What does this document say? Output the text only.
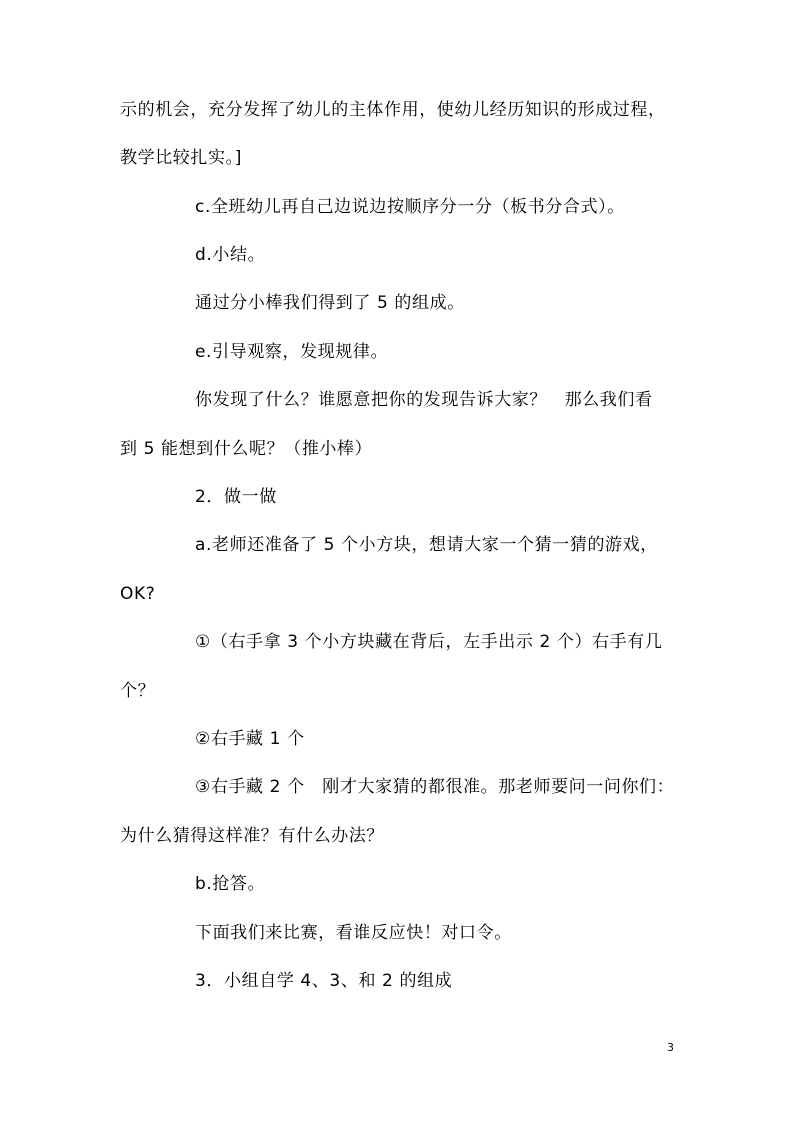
示的机会，充分发挥了幼儿的主体作用，使幼儿经历知识的形成过程，
教学比较扎实。]
c.全班幼儿再自己边说边按顺序分一分（板书分合式）。
d.小结。
通过分小棒我们得到了 5 的组成。
e.引导观察，发现规律。
你发现了什么？谁愿意把你的发现告诉大家？　那么我们看
到 5 能想到什么呢？（推小棒）
2．做一做
a.老师还准备了 5 个小方块，想请大家一个猜一猜的游戏，
OK?
①（右手拿 3 个小方块藏在背后，左手出示 2 个）右手有几
个？
②右手藏 1 个
③右手藏 2 个　刚才大家猜的都很准。那老师要问一问你们：
为什么猜得这样准？有什么办法？
b.抢答。
下面我们来比赛，看谁反应快！对口令。
3．小组自学 4、3、和 2 的组成
3
